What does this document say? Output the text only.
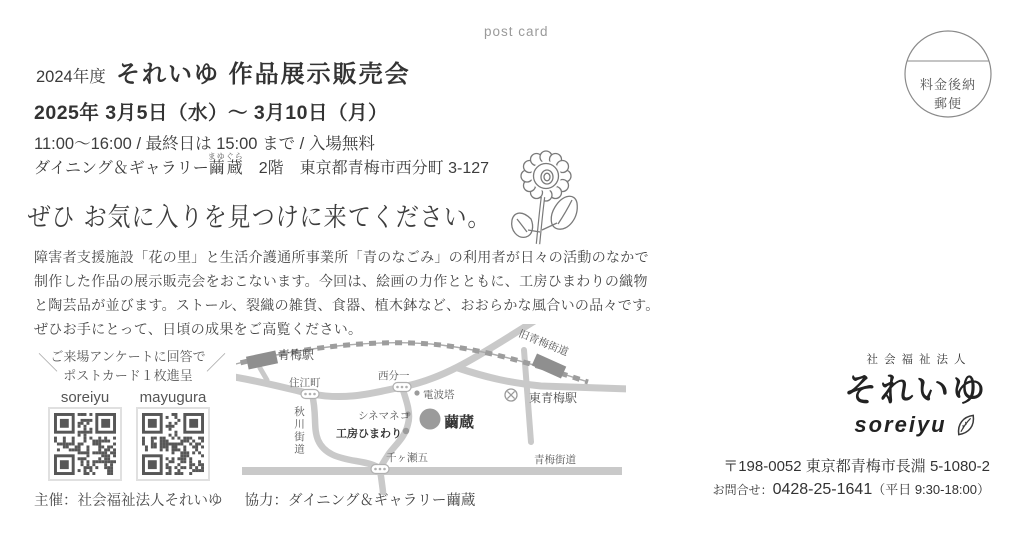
post card
料金後納
郵便
2024年度 それいゆ 作品展示販売会
2025年 3月5日（水）～ 3月10日（月）
11:00～16:00 / 最終日は 15:00 まで / 入場無料
ダイニング＆ギャラリー繭蔵まゆぐら　2階　東京都青梅市西分町 3-127
ぜひ お気に入りを見つけに来てください。
障害者支援施設「花の里」と生活介護通所事業所「青のなごみ」の利用者が日々の活動のなかで
制作した作品の展示販売会をおこないます。今回は、絵画の力作とともに、工房ひまわりの織物
と陶芸品が並びます。ストール、裂織の雑貨、食器、植木鉢など、おおらかな風合いの品々です。
ぜひお手にとって、日頃の成果をご高覧ください。
＼	／
ご来場アンケートに回答で
ポストカード１枚進呈
soreiyu	mayugura
主催：社会福祉法人それいゆ 協力：ダイニング＆ギャラリー繭蔵
青梅駅
住江町
西分一
電波塔
シネマネコ
工房ひまわり
繭蔵
東青梅駅
旧青梅街道
秋川街道
青梅街道
千ヶ瀬五
社会福祉法人
それいゆ
soreiyu
〒198-0052 東京都青梅市長淵 5-1080-2
お問合せ：0428-25-1641（平日 9:30-18:00）
